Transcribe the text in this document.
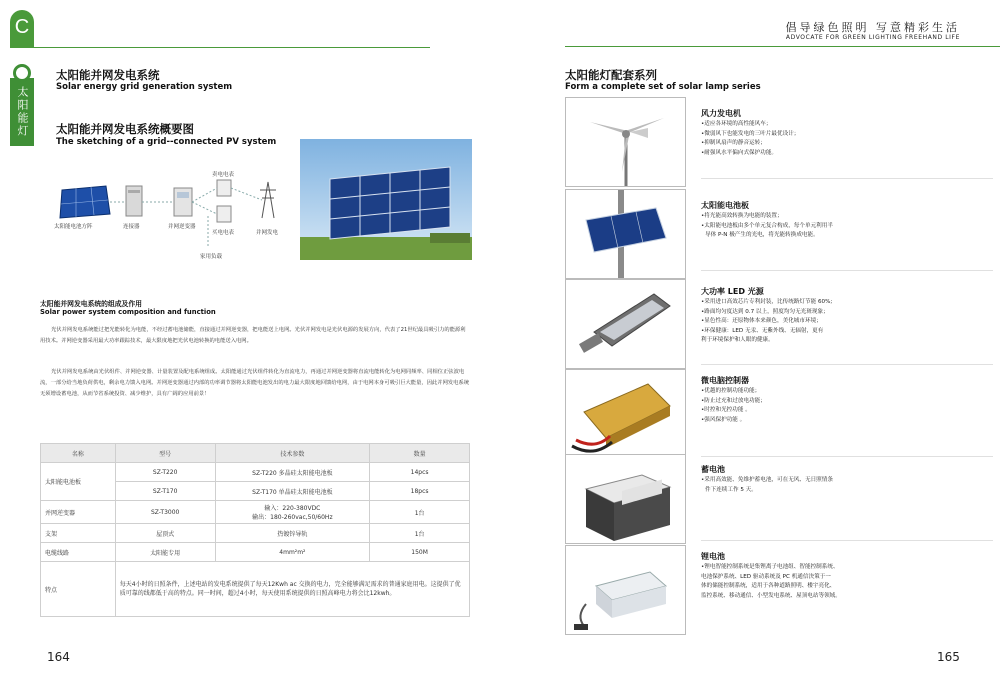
C
太阳能灯
倡导绿色照明 写意精彩生活
ADVOCATE FOR GREEN LIGHTING FREEHAND LIFE
太阳能并网发电系统
Solar energy grid generation system
太阳能并网发电系统概要图
The sketching of a grid--connected PV system
太阳能电池方阵	连接器	并网逆变器
卖电电表
买电电表	并网发电
家用负载
太阳能并网发电系统的组成及作用
Solar power system composition and function
光伏并网发电系统能过把光能转化为电能，不经过蓄电池储能，直接通过并网逆变器，把电能送上电网。光伏并网发电是光伏电源的发展方向，代表了21世纪最具吸引力的能源利用技术。并网逆变器采用最大功率跟踪技术，最大限度地把光伏电池转换的电能送入电网。
光伏并网发电系统由光伏组件、并网逆变器、计量装置及配电系统组成。太阳能通过光伏组件转化为直流电力，再通过并网逆变器将直流电能转化为电网同频率、同相位正弦波电流，一部分给当地负荷供电，剩余电力馈入电网。并网逆变器通过内部的功率调节器将太阳能电池发出的电力最大限度地回馈给电网，由于电网本身可吸引巨大能量，因此并网发电系统无须增设蓄电池，从而节省系统投资、减少维护，具有广阔的应用前景！
名称	型号	技术参数	数量
太阳能电池板	SZ-T220	SZ-T220 多晶硅太阳能电池板	14pcs
	SZ-T170	SZ-T170 单晶硅太阳能电池板	18pcs
并网逆变器	SZ-T3000	输入：220-380VDC
输出：180-260vac,50/60Hz	1台
支架	屋顶式	热镀锌导轨	1台
电缆线路	太阳能专用	4mm²m²	150M
特点	每天4小时的日照条件，上述电站的发电系统提供了每天12Kwh ac 交换的电力，完全能够满足需求的普通家庭用电。这提供了优质可靠的线都低于高的特点。同一时间，超过4小时，每天使用系统提供的日照高峰电力将会比12kwh。		
164
太阳能灯配套系列
Form a complete set of solar lamp series
风力发电机
•适应各环境的高性能风车；
•微弱风下也能发电的三叶片最优设计；
•抑制风扇声的静音运转；
•耐强风水平偏向式保护功能。
太阳能电池板
•将光能高效转换为电能的装置；
•太阳能电池板由多个单元复合构成，每个单元利用半
导体 P-N 极产生的光电，将光能转换成电能。
大功率 LED 光源
•采用进口高效芯片专利封装，比传统路灯节能 60%;
•路面均匀度达到 0.7 以上，照度均匀无光斑现象；
•显色性高：还原物体本来颜色，美化城市环境；
•环保健康：LED 无汞、无紫外线、无辐射，更有
利于环境保护和人眼的健康。
微电脑控制器
•优越的控制功能功能；
•防止过充和过放电功能；
•时控和光控功能 。
•强风保护功能 。
蓄电池
•采用高效能、免维护蓄电池，可在无风、无日照情条
件下连续工作 5 天。
锂电池
•锂电智能控制系统是集锂离子电池组、智能控制系统、
电池保护系统、LED 驱动系统及 PC 机通信決策于一
体的储能控制系统，适用于各种道路照明、楼宇亮化、
监控系统、移动通信、小型发电系统、屋顶电站等领域。
165
